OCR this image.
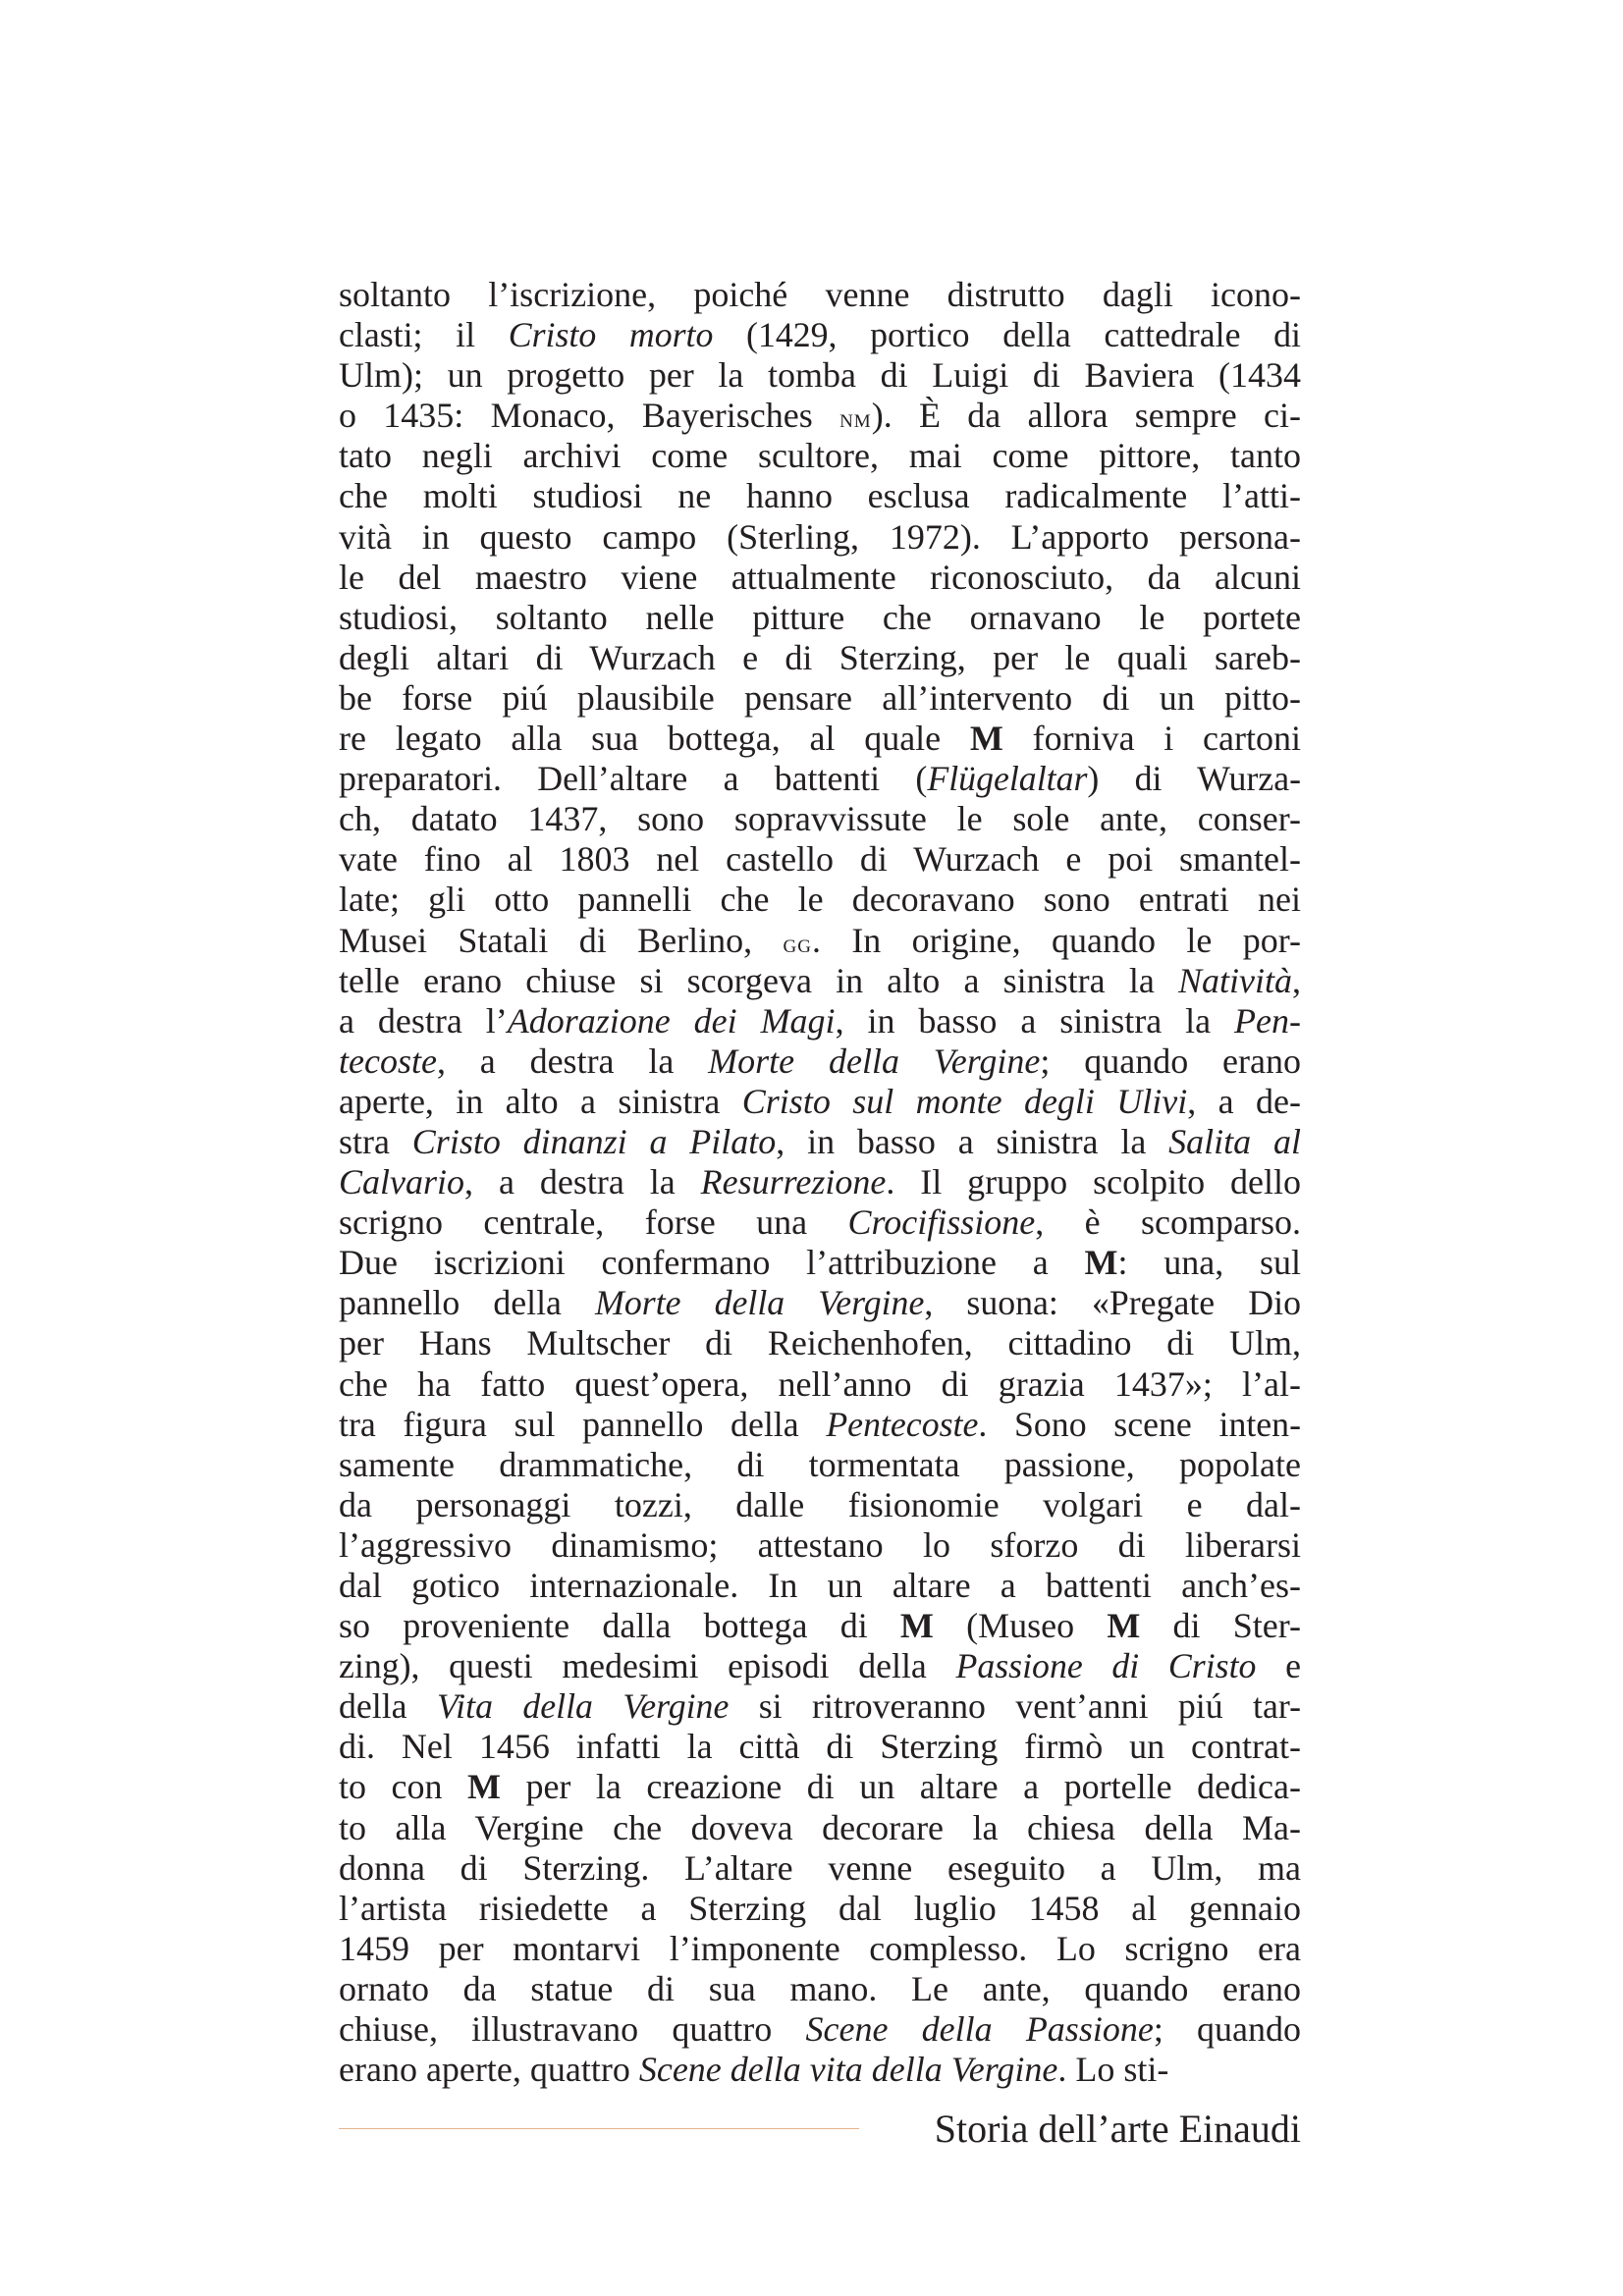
soltanto l’iscrizione, poiché venne distrutto dagli icono-
clasti; il Cristo morto (1429, portico della cattedrale di
Ulm); un progetto per la tomba di Luigi di Baviera (1434
o 1435: Monaco, Bayerisches nm). È da allora sempre ci-
tato negli archivi come scultore, mai come pittore, tanto
che molti studiosi ne hanno esclusa radicalmente l’atti-
vità in questo campo (Sterling, 1972). L’apporto persona-
le del maestro viene attualmente riconosciuto, da alcuni
studiosi, soltanto nelle pitture che ornavano le portete
degli altari di Wurzach e di Sterzing, per le quali sareb-
be forse piú plausibile pensare all’intervento di un pitto-
re legato alla sua bottega, al quale M forniva i cartoni
preparatori. Dell’altare a battenti (Flügelaltar) di Wurza-
ch, datato 1437, sono sopravvissute le sole ante, conser-
vate fino al 1803 nel castello di Wurzach e poi smantel-
late; gli otto pannelli che le decoravano sono entrati nei
Musei Statali di Berlino, gg. In origine, quando le por-
telle erano chiuse si scorgeva in alto a sinistra la Natività,
a destra l’Adorazione dei Magi, in basso a sinistra la Pen-
tecoste, a destra la Morte della Vergine; quando erano
aperte, in alto a sinistra Cristo sul monte degli Ulivi, a de-
stra Cristo dinanzi a Pilato, in basso a sinistra la Salita al
Calvario, a destra la Resurrezione. Il gruppo scolpito dello
scrigno centrale, forse una Crocifissione, è scomparso.
Due iscrizioni confermano l’attribuzione a M: una, sul
pannello della Morte della Vergine, suona: «Pregate Dio
per Hans Multscher di Reichenhofen, cittadino di Ulm,
che ha fatto quest’opera, nell’anno di grazia 1437»; l’al-
tra figura sul pannello della Pentecoste. Sono scene inten-
samente drammatiche, di tormentata passione, popolate
da personaggi tozzi, dalle fisionomie volgari e dal-
l’aggressivo dinamismo; attestano lo sforzo di liberarsi
dal gotico internazionale. In un altare a battenti anch’es-
so proveniente dalla bottega di M (Museo M di Ster-
zing), questi medesimi episodi della Passione di Cristo e
della Vita della Vergine si ritroveranno vent’anni piú tar-
di. Nel 1456 infatti la città di Sterzing firmò un contrat-
to con M per la creazione di un altare a portelle dedica-
to alla Vergine che doveva decorare la chiesa della Ma-
donna di Sterzing. L’altare venne eseguito a Ulm, ma
l’artista risiedette a Sterzing dal luglio 1458 al gennaio
1459 per montarvi l’imponente complesso. Lo scrigno era
ornato da statue di sua mano. Le ante, quando erano
chiuse, illustravano quattro Scene della Passione; quando
erano aperte, quattro Scene della vita della Vergine. Lo sti-
Storia dell’arte Einaudi
